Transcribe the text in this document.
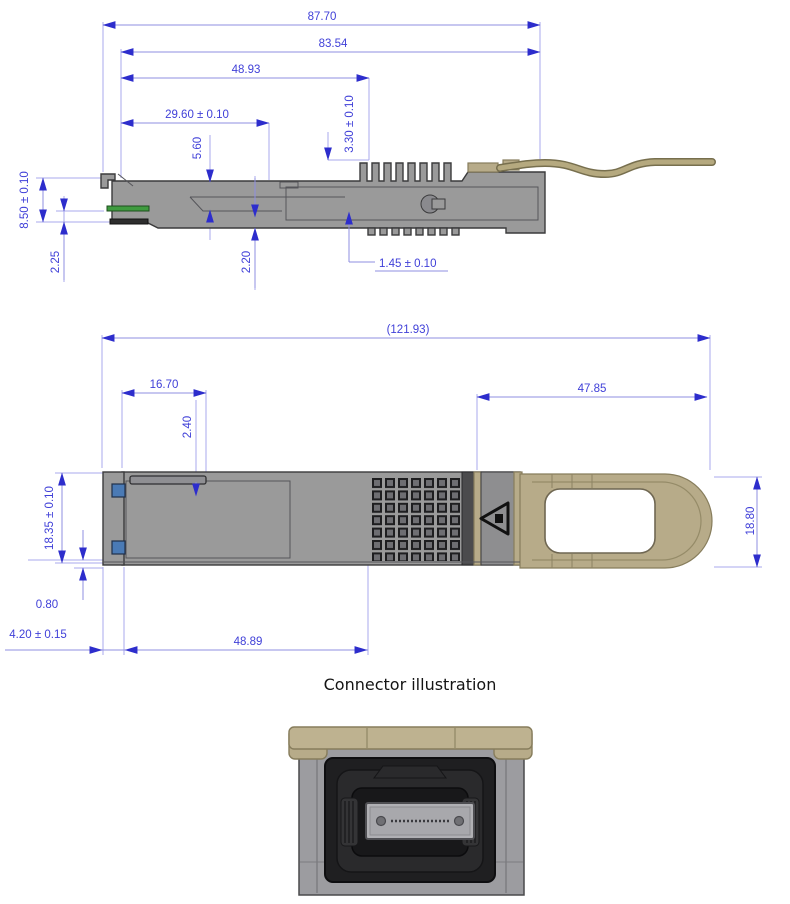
87.70
83.54
48.93
29.60 ± 0.10
5.60	3.30 ± 0.10
8.50 ± 0.10
2.25	2.20	1.45 ± 0.10
(121.93)
16.70
2.40
47.85
18.80
18.35 ± 0.10
0.80
4.20 ± 0.15
48.89
Connector illustration
